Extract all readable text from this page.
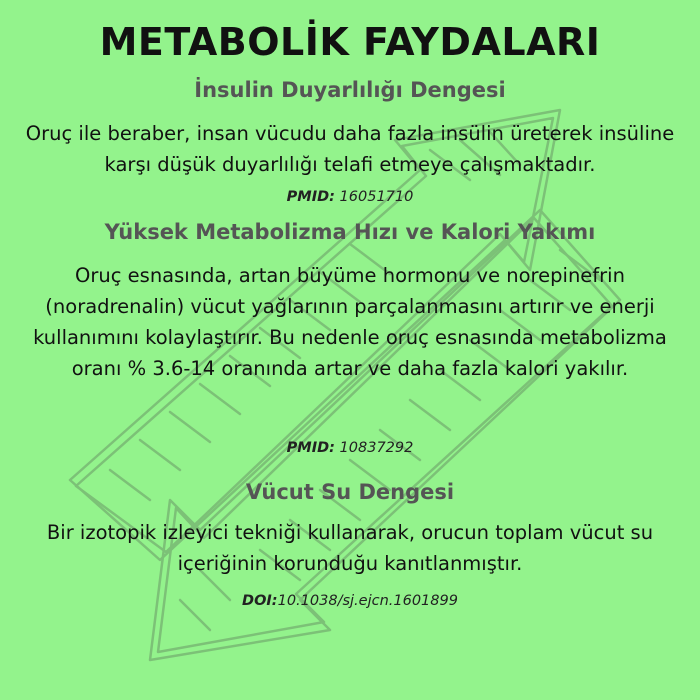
METABOLİK FAYDALARI
İnsulin Duyarlılığı Dengesi
Oruç ile beraber, insan vücudu daha fazla insülin üreterek insüline karşı düşük duyarlılığı telafi etmeye çalışmaktadır.
PMID: 16051710
Yüksek Metabolizma Hızı ve Kalori Yakımı
Oruç esnasında, artan büyüme hormonu ve norepinefrin (noradrenalin) vücut yağlarının parçalanmasını artırır ve enerji kullanımını kolaylaştırır. Bu nedenle oruç esnasında metabolizma oranı % 3.6-14 oranında artar ve daha fazla kalori yakılır.
PMID: 10837292
Vücut Su Dengesi
Bir izotopik izleyici tekniği kullanarak, orucun toplam vücut su içeriğinin korunduğu kanıtlanmıştır.
DOI:10.1038/sj.ejcn.1601899
